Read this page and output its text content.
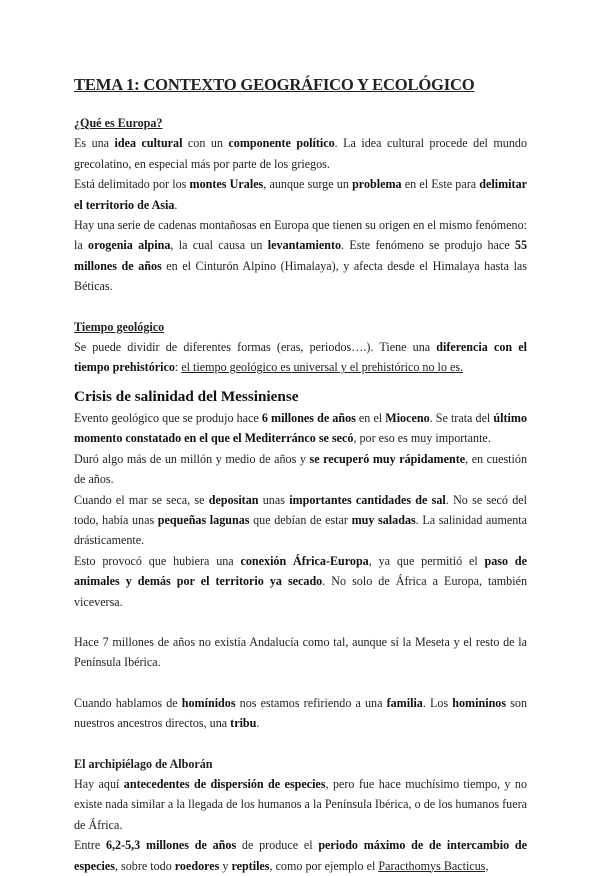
TEMA 1: CONTEXTO GEOGRÁFICO Y ECOLÓGICO
¿Qué es Europa?

Es una idea cultural con un componente político. La idea cultural procede del mundo grecolatino, en especial más por parte de los griegos.

Está delimitado por los montes Urales, aunque surge un problema en el Este para delimitar el territorio de Asia.

Hay una serie de cadenas montañosas en Europa que tienen su origen en el mismo fenómeno: la orogenia alpina, la cual causa un levantamiento. Este fenómeno se produjo hace 55 millones de años en el Cinturón Alpino (Himalaya), y afecta desde el Himalaya hasta las Béticas.

Tiempo geológico

Se puede dividir de diferentes formas (eras, periodos….). Tiene una diferencia con el tiempo prehistórico: el tiempo geológico es universal y el prehistórico no lo es.

Crisis de salinidad del Messiniense

Evento geológico que se produjo hace 6 millones de años en el Mioceno. Se trata del último momento constatado en el que el Mediterránco se secó, por eso es muy importante.

Duró algo más de un millón y medio de años y se recuperó muy rápidamente, en cuestión de años.

Cuando el mar se seca, se depositan unas importantes cantidades de sal. No se secó del todo, había unas pequeñas lagunas que debían de estar muy saladas. La salinidad aumenta drásticamente.

Esto provocó que hubiera una conexión África-Europa, ya que permitió el paso de animales y demás por el territorio ya secado. No solo de África a Europa, también viceversa.

Hace 7 millones de años no existía Andalucía como tal, aunque sí la Meseta y el resto de la Península Ibérica.

Cuando hablamos de homínidos nos estamos refiriendo a una familia. Los homininos son nuestros ancestros directos, una tribu.

El archipiélago de Alborán

Hay aquí antecedentes de dispersión de especies, pero fue hace muchísimo tiempo, y no existe nada similar a la llegada de los humanos a la Península Ibérica, o de los humanos fuera de África.

Entre 6,2-5,3 millones de años de produce el periodo máximo de de intercambio de especies, sobre todo roedores y reptiles, como por ejemplo el Paracthomys Bacticus,
